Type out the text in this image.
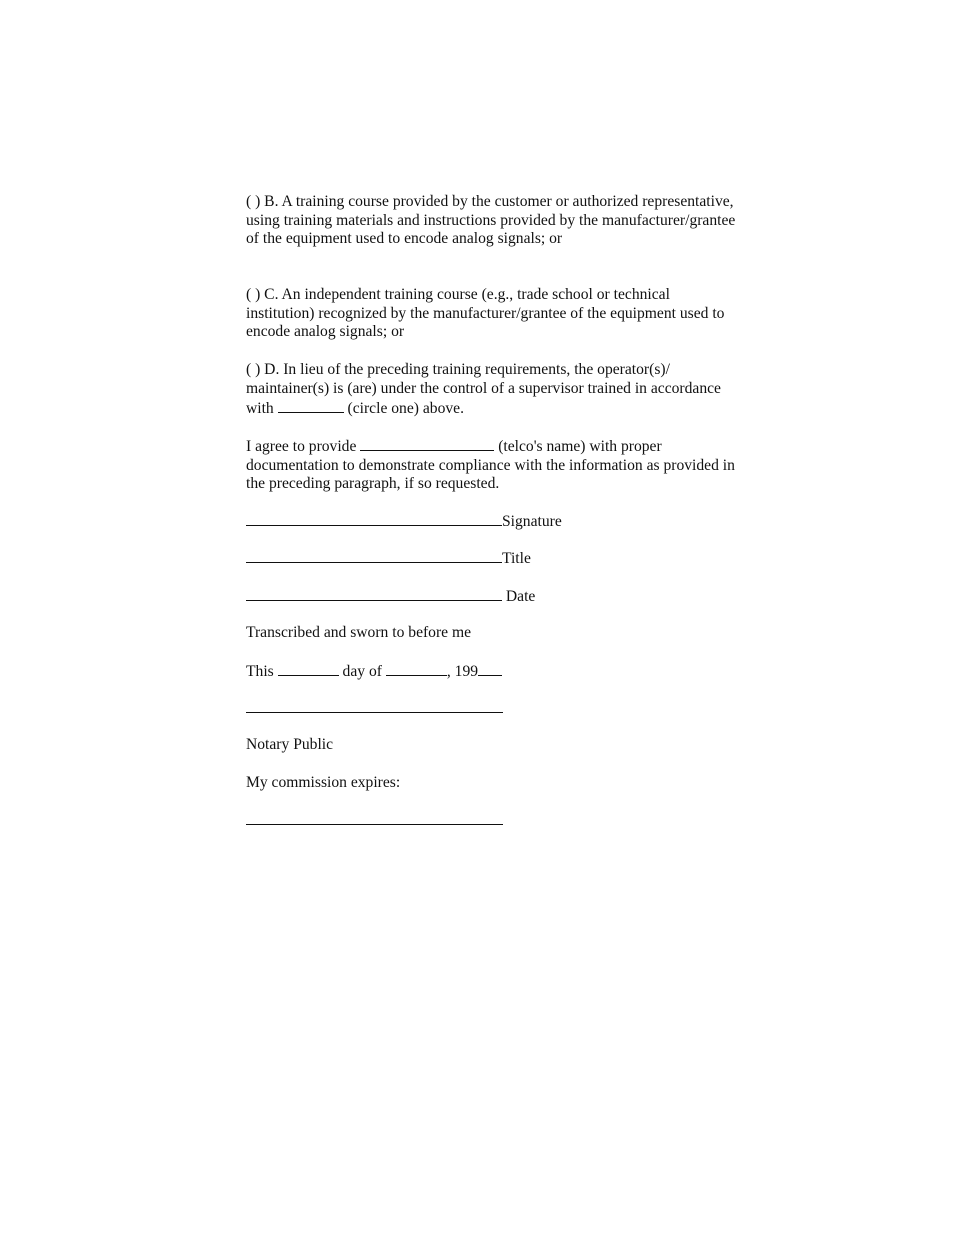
( ) B. A training course provided by the customer or authorized representative, using training materials and instructions provided by the manufacturer/grantee of the equipment used to encode analog signals; or

( ) C. An independent training course (e.g., trade school or technical institution) recognized by the manufacturer/grantee of the equipment used to encode analog signals; or

( ) D. In lieu of the preceding training requirements, the operator(s)/ maintainer(s) is (are) under the control of a supervisor trained in accordance with	(circle one) above.

I agree to provide	(telco's name) with proper documentation to demonstrate compliance with the information as provided in the preceding paragraph, if so requested.

Signature
Title
Date
Transcribed and sworn to before me
This	day of	, 199
Notary Public
My commission expires:
